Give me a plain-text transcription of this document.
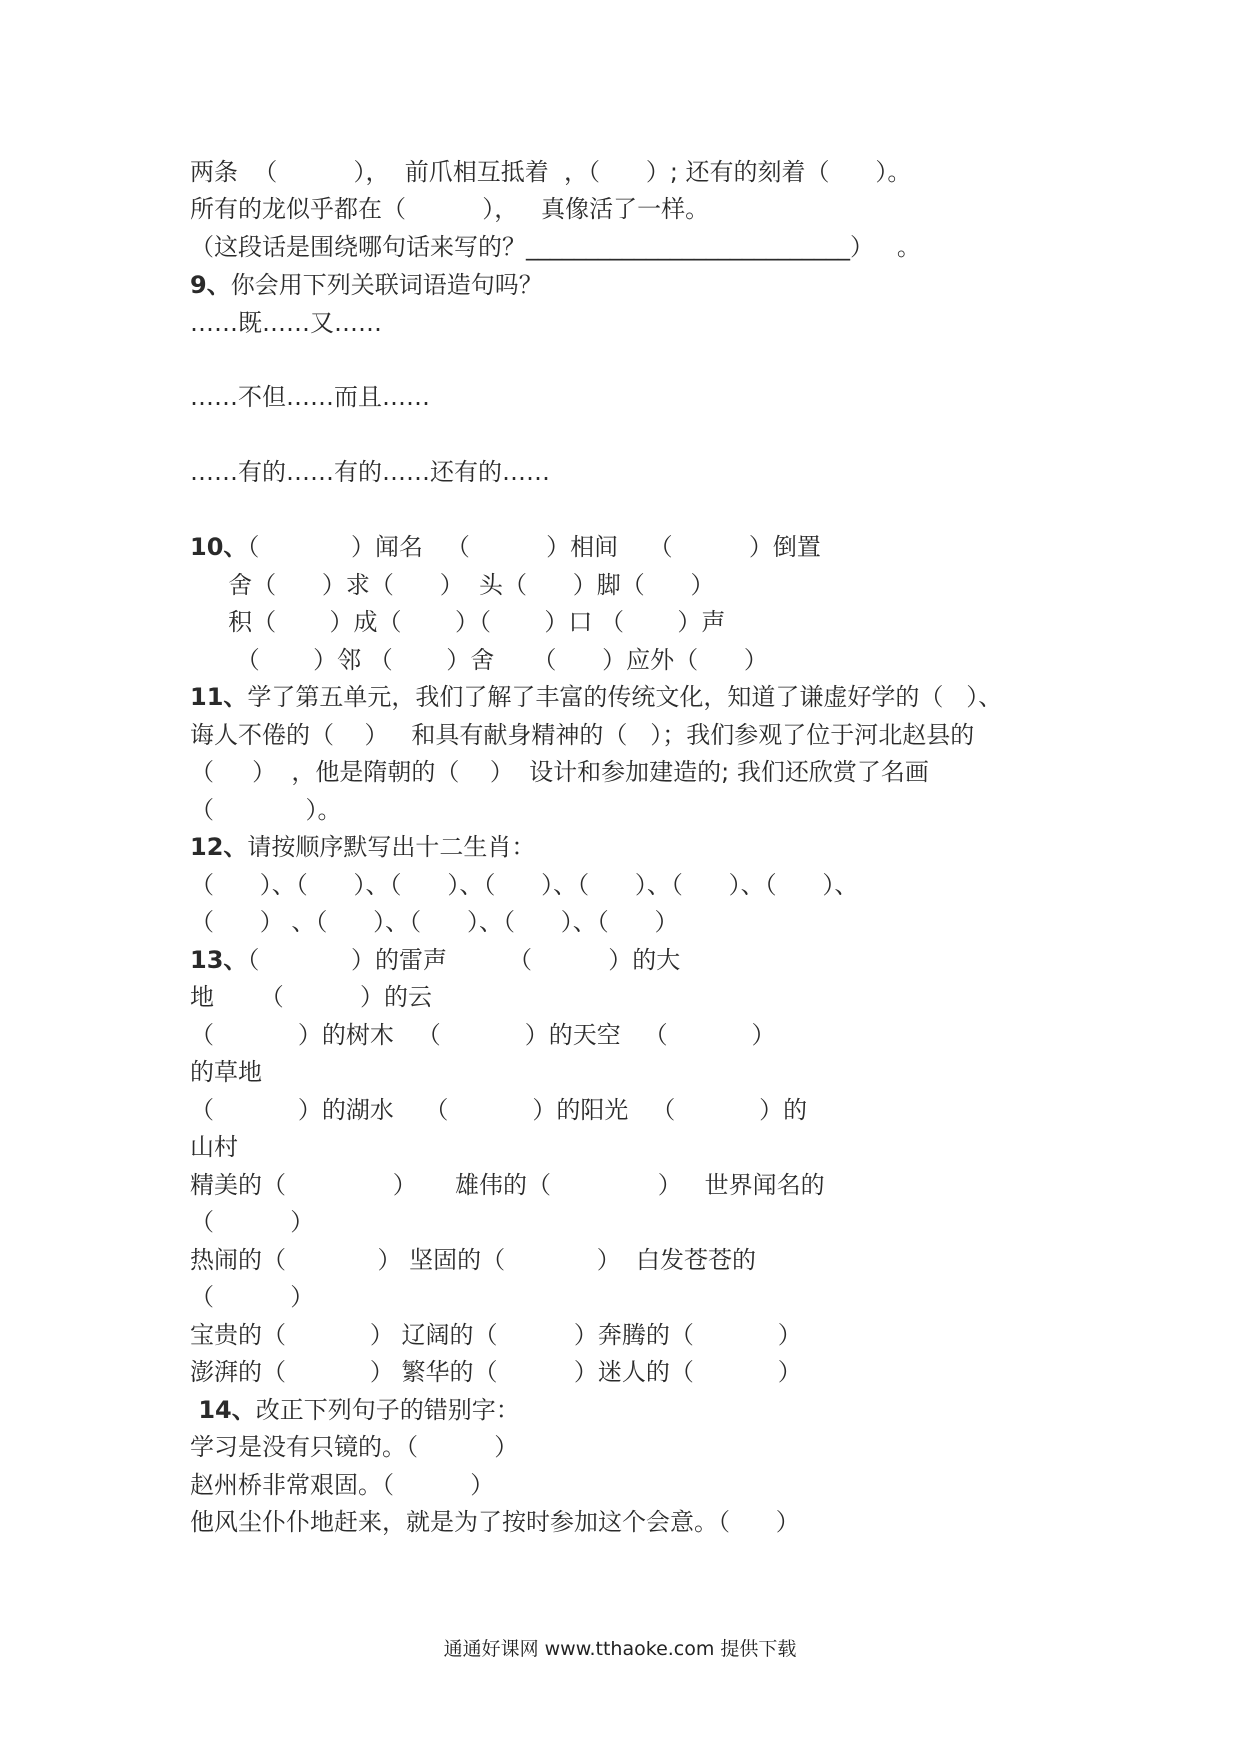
两条  （          ），  前爪相互抵着  ，（      ）; 还有的刻着（      ）。
所有的龙似乎都在（          ），   真像活了一样。
（这段话是围绕哪句话来写的？___________________________）   。
9、你会用下列关联词语造句吗？
……既……又……
……不但……而且……
……有的……有的……还有的……
10、（            ）闻名   （          ）相间    （          ）倒置
舍（      ）求（      ）  头（      ）脚（      ）
积（       ）成（       ）（       ）口 （       ）声
（       ）邻 （       ）舍     （      ）应外（      ）
11、学了第五单元，我们了解了丰富的传统文化，知道了谦虚好学的（   ）、
诲人不倦的（    ）   和具有献身精神的（   ）；我们参观了位于河北赵县的
（     ）  ，他是隋朝的（    ）  设计和参加建造的; 我们还欣赏了名画
（            ）。
12、请按顺序默写出十二生肖：
（      ）、（      ）、（      ）、（      ）、（      ）、（      ）、（      ）、
（      ） 、（      ）、（      ）、（      ）、（      ）
13、（            ）的雷声        （          ）的大
地      （          ）的云
（           ）的树木   （           ）的天空   （           ）
的草地
（           ）的湖水    （           ）的阳光   （           ）的
山村
精美的（              ）     雄伟的（              ）   世界闻名的
（          ）
热闹的（            ） 坚固的（            ）  白发苍苍的
（          ）
宝贵的（           ） 辽阔的（          ）奔腾的（           ）
澎湃的（           ） 繁华的（          ）迷人的（           ）
14、改正下列句子的错别字：
学习是没有只镜的。（          ）
赵州桥非常艰固。（          ）
他风尘仆仆地赶来，就是为了按时参加这个会意。（      ）
通通好课网 www.tthaoke.com 提供下载
